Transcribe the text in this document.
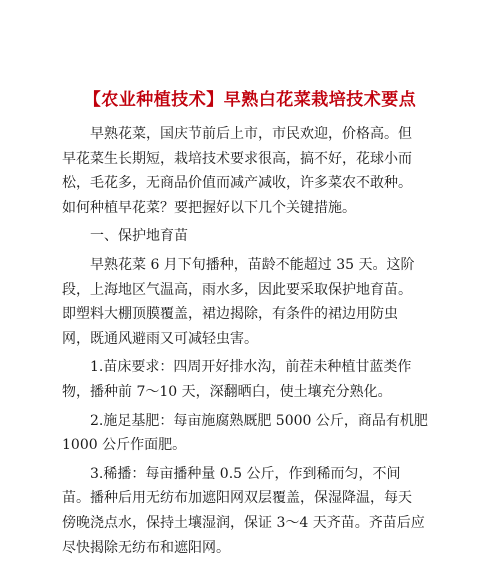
【农业种植技术】早熟白花菜栽培技术要点
早熟花菜，国庆节前后上市，市民欢迎，价格高。但
早花菜生长期短，栽培技术要求很高，搞不好，花球小而
松，毛花多，无商品价值而减产减收，许多菜农不敢种。
如何种植早花菜？要把握好以下几个关键措施。
一、保护地育苗
早熟花菜 6 月下旬播种，苗龄不能超过 35 天。这阶
段，上海地区气温高，雨水多，因此要采取保护地育苗。
即塑料大棚顶膜覆盖，裙边揭除，有条件的裙边用防虫
网，既通风避雨又可减轻虫害。
1.苗床要求：四周开好排水沟，前茬未种植甘蓝类作
物，播种前 7～10 天，深翻晒白，使土壤充分熟化。
2.施足基肥：每亩施腐熟厩肥 5000 公斤，商品有机肥
1000 公斤作面肥。
3.稀播：每亩播种量 0.5 公斤，作到稀而匀，不间
苗。播种后用无纺布加遮阳网双层覆盖，保湿降温，每天
傍晚浇点水，保持土壤湿润，保证 3～4 天齐苗。齐苗后应
尽快揭除无纺布和遮阳网。
